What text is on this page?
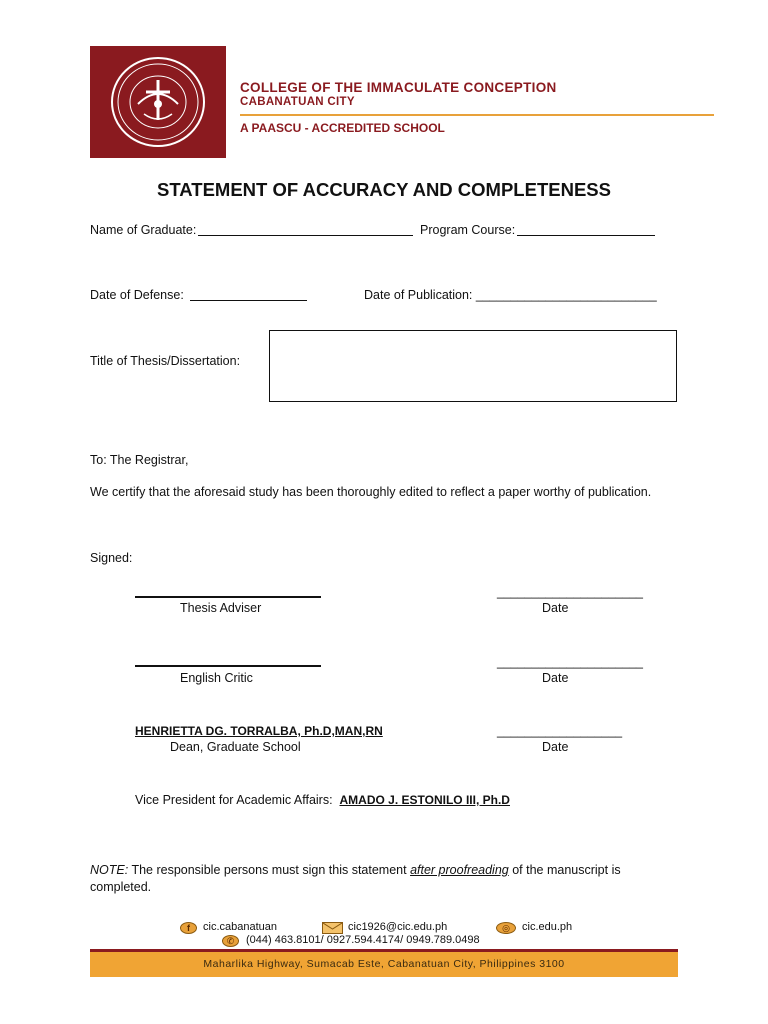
COLLEGE OF THE IMMACULATE CONCEPTION
CABANATUAN CITY
A PAASCU - ACCREDITED SCHOOL
STATEMENT OF ACCURACY AND COMPLETENESS
Name of Graduate:	Program Course:
Date of Defense:	Date of Publication: __________________________
Title of Thesis/Dissertation:
To: The Registrar,
We certify that the aforesaid study has been thoroughly edited to reflect a paper worthy of publication.
Signed:
Thesis Adviser
_____________________
Date
English Critic
_____________________
Date
HENRIETTA DG. TORRALBA, Ph.D,MAN,RN
Dean, Graduate School
__________________
Date
Vice President for Academic Affairs: AMADO J. ESTONILO III, Ph.D
NOTE: The responsible persons must sign this statement after proofreading of the manuscript is
completed.
f	cic.cabanatuan	cic1926@cic.edu.ph	◎	cic.edu.ph
✆	(044) 463.8101/ 0927.594.4174/ 0949.789.0498
Maharlika Highway, Sumacab Este, Cabanatuan City, Philippines 3100
